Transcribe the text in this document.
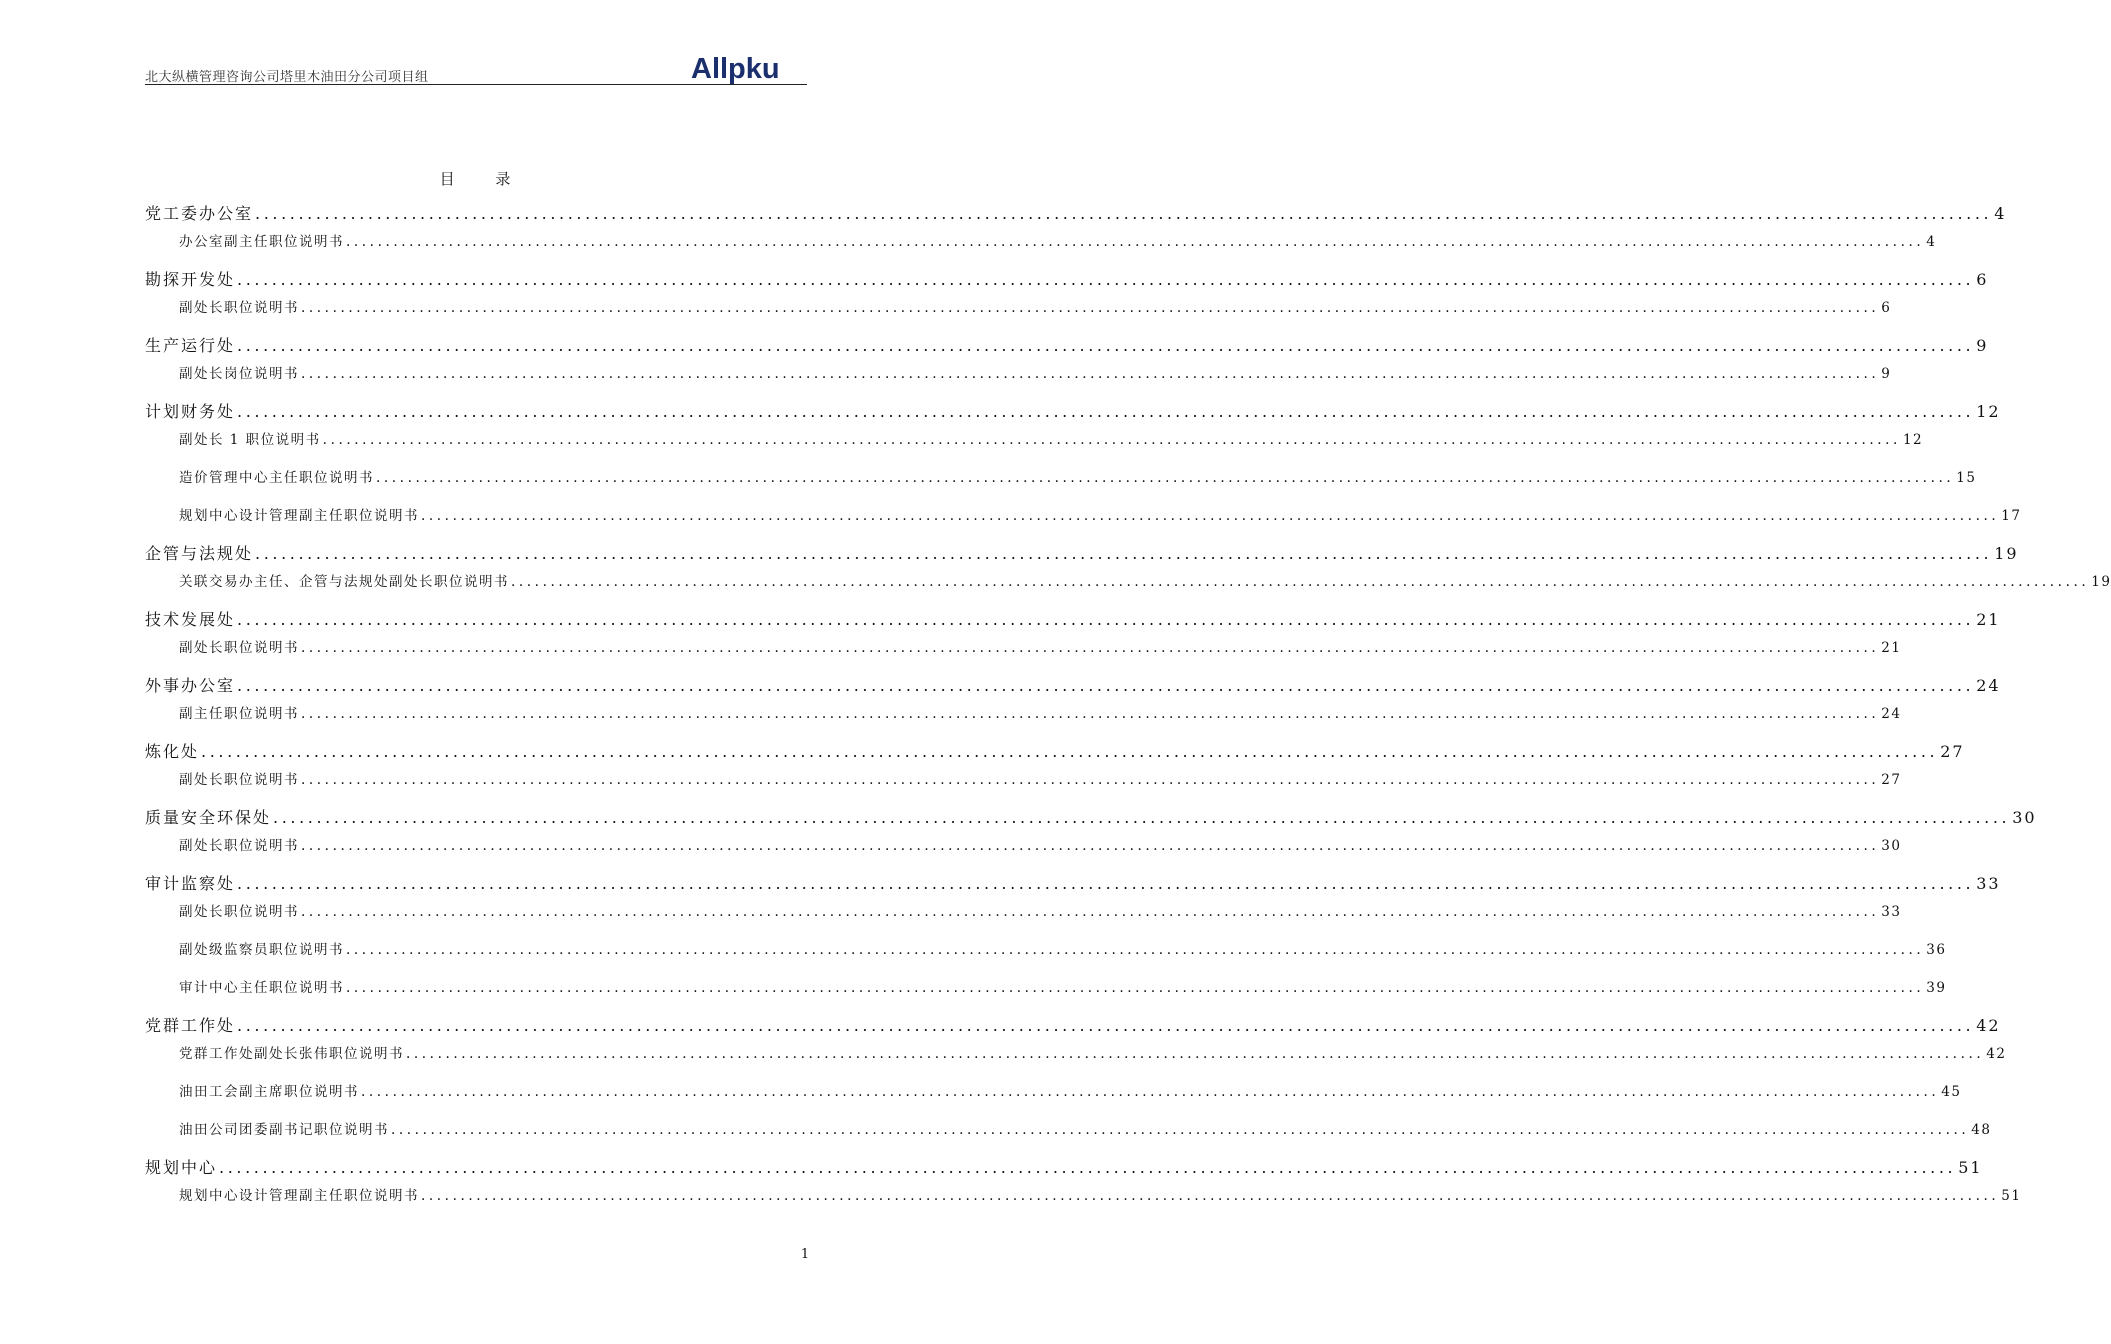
北大纵横管理咨询公司塔里木油田分公司项目组	Allpku
目 录
党工委办公室 ........................................................................................................................................................................................................ 4
办公室副主任职位说明书 ........................................................................................................................................................................................................ 4
勘探开发处 ........................................................................................................................................................................................................ 6
副处长职位说明书 ........................................................................................................................................................................................................ 6
生产运行处 ........................................................................................................................................................................................................ 9
副处长岗位说明书 ........................................................................................................................................................................................................ 9
计划财务处 ........................................................................................................................................................................................................ 12
副处长 1 职位说明书 ........................................................................................................................................................................................................ 12
造价管理中心主任职位说明书 ........................................................................................................................................................................................................ 15
规划中心设计管理副主任职位说明书 ........................................................................................................................................................................................................ 17
企管与法规处 ........................................................................................................................................................................................................ 19
关联交易办主任、企管与法规处副处长职位说明书 ........................................................................................................................................................................................................ 19
技术发展处 ........................................................................................................................................................................................................ 21
副处长职位说明书 ........................................................................................................................................................................................................ 21
外事办公室 ........................................................................................................................................................................................................ 24
副主任职位说明书 ........................................................................................................................................................................................................ 24
炼化处 ........................................................................................................................................................................................................ 27
副处长职位说明书 ........................................................................................................................................................................................................ 27
质量安全环保处 ........................................................................................................................................................................................................ 30
副处长职位说明书 ........................................................................................................................................................................................................ 30
审计监察处 ........................................................................................................................................................................................................ 33
副处长职位说明书 ........................................................................................................................................................................................................ 33
副处级监察员职位说明书 ........................................................................................................................................................................................................ 36
审计中心主任职位说明书 ........................................................................................................................................................................................................ 39
党群工作处 ........................................................................................................................................................................................................ 42
党群工作处副处长张伟职位说明书 ........................................................................................................................................................................................................ 42
油田工会副主席职位说明书 ........................................................................................................................................................................................................ 45
油田公司团委副书记职位说明书 ........................................................................................................................................................................................................ 48
规划中心 ........................................................................................................................................................................................................ 51
规划中心设计管理副主任职位说明书 ........................................................................................................................................................................................................ 51
1
